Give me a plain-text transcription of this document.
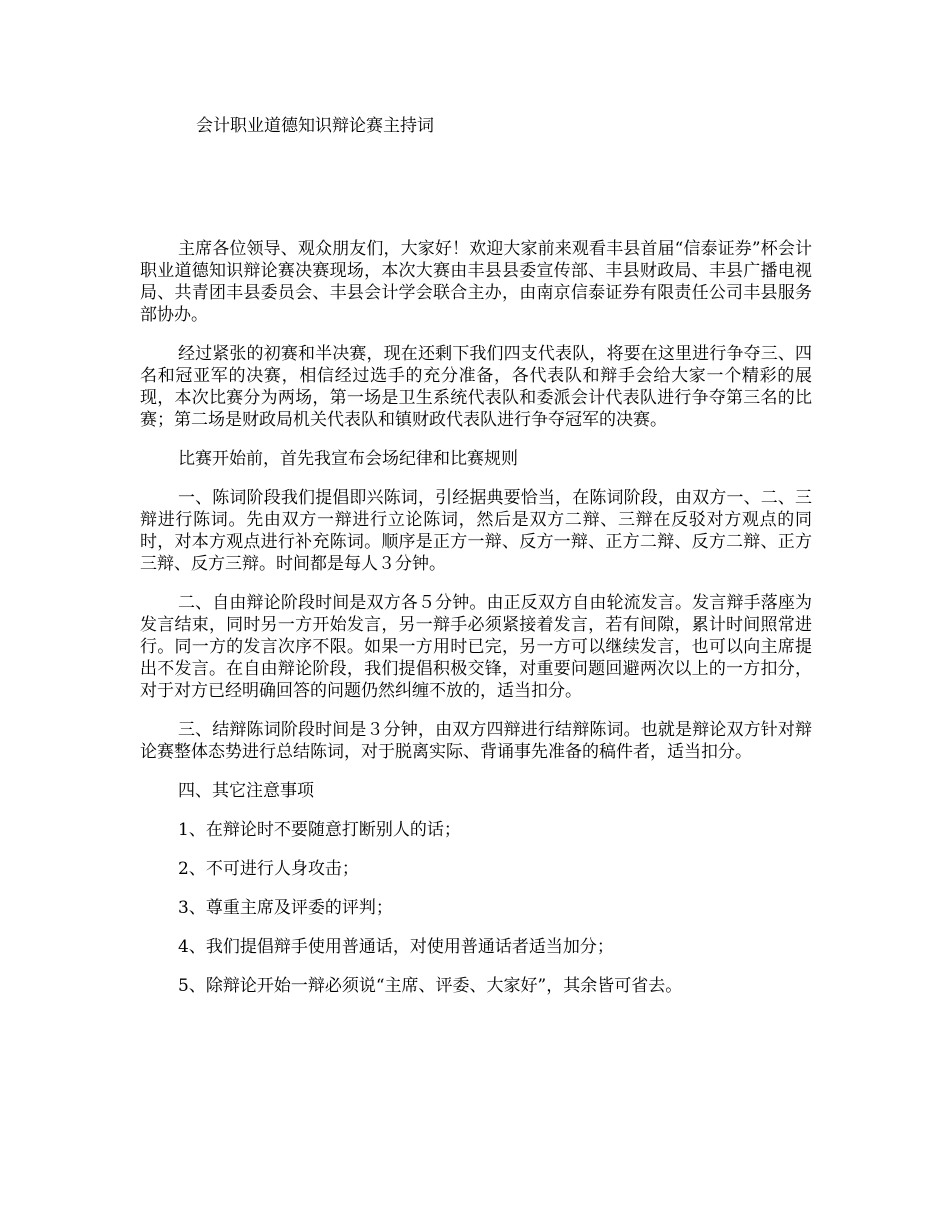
会计职业道德知识辩论赛主持词

主席各位领导、观众朋友们，大家好！欢迎大家前来观看丰县首届“信泰证券”杯会计职业道德知识辩论赛决赛现场，本次大赛由丰县县委宣传部、丰县财政局、丰县广播电视局、共青团丰县委员会、丰县会计学会联合主办，由南京信泰证券有限责任公司丰县服务部协办。

经过紧张的初赛和半决赛，现在还剩下我们四支代表队，将要在这里进行争夺三、四名和冠亚军的决赛，相信经过选手的充分准备，各代表队和辩手会给大家一个精彩的展现，本次比赛分为两场，第一场是卫生系统代表队和委派会计代表队进行争夺第三名的比赛；第二场是财政局机关代表队和镇财政代表队进行争夺冠军的决赛。

比赛开始前，首先我宣布会场纪律和比赛规则

一、陈词阶段我们提倡即兴陈词，引经据典要恰当，在陈词阶段，由双方一、二、三辩进行陈词。先由双方一辩进行立论陈词，然后是双方二辩、三辩在反驳对方观点的同时，对本方观点进行补充陈词。顺序是正方一辩、反方一辩、正方二辩、反方二辩、正方三辩、反方三辩。时间都是每人３分钟。

二、自由辩论阶段时间是双方各５分钟。由正反双方自由轮流发言。发言辩手落座为发言结束，同时另一方开始发言，另一辩手必须紧接着发言，若有间隙，累计时间照常进行。同一方的发言次序不限。如果一方用时已完，另一方可以继续发言，也可以向主席提出不发言。在自由辩论阶段，我们提倡积极交锋，对重要问题回避两次以上的一方扣分，对于对方已经明确回答的问题仍然纠缠不放的，适当扣分。

三、结辩陈词阶段时间是３分钟，由双方四辩进行结辩陈词。也就是辩论双方针对辩论赛整体态势进行总结陈词，对于脱离实际、背诵事先准备的稿件者，适当扣分。

四、其它注意事项

1、在辩论时不要随意打断别人的话；

2、不可进行人身攻击；

3、尊重主席及评委的评判；

4、我们提倡辩手使用普通话，对使用普通话者适当加分；

5、除辩论开始一辩必须说“主席、评委、大家好”，其余皆可省去。
